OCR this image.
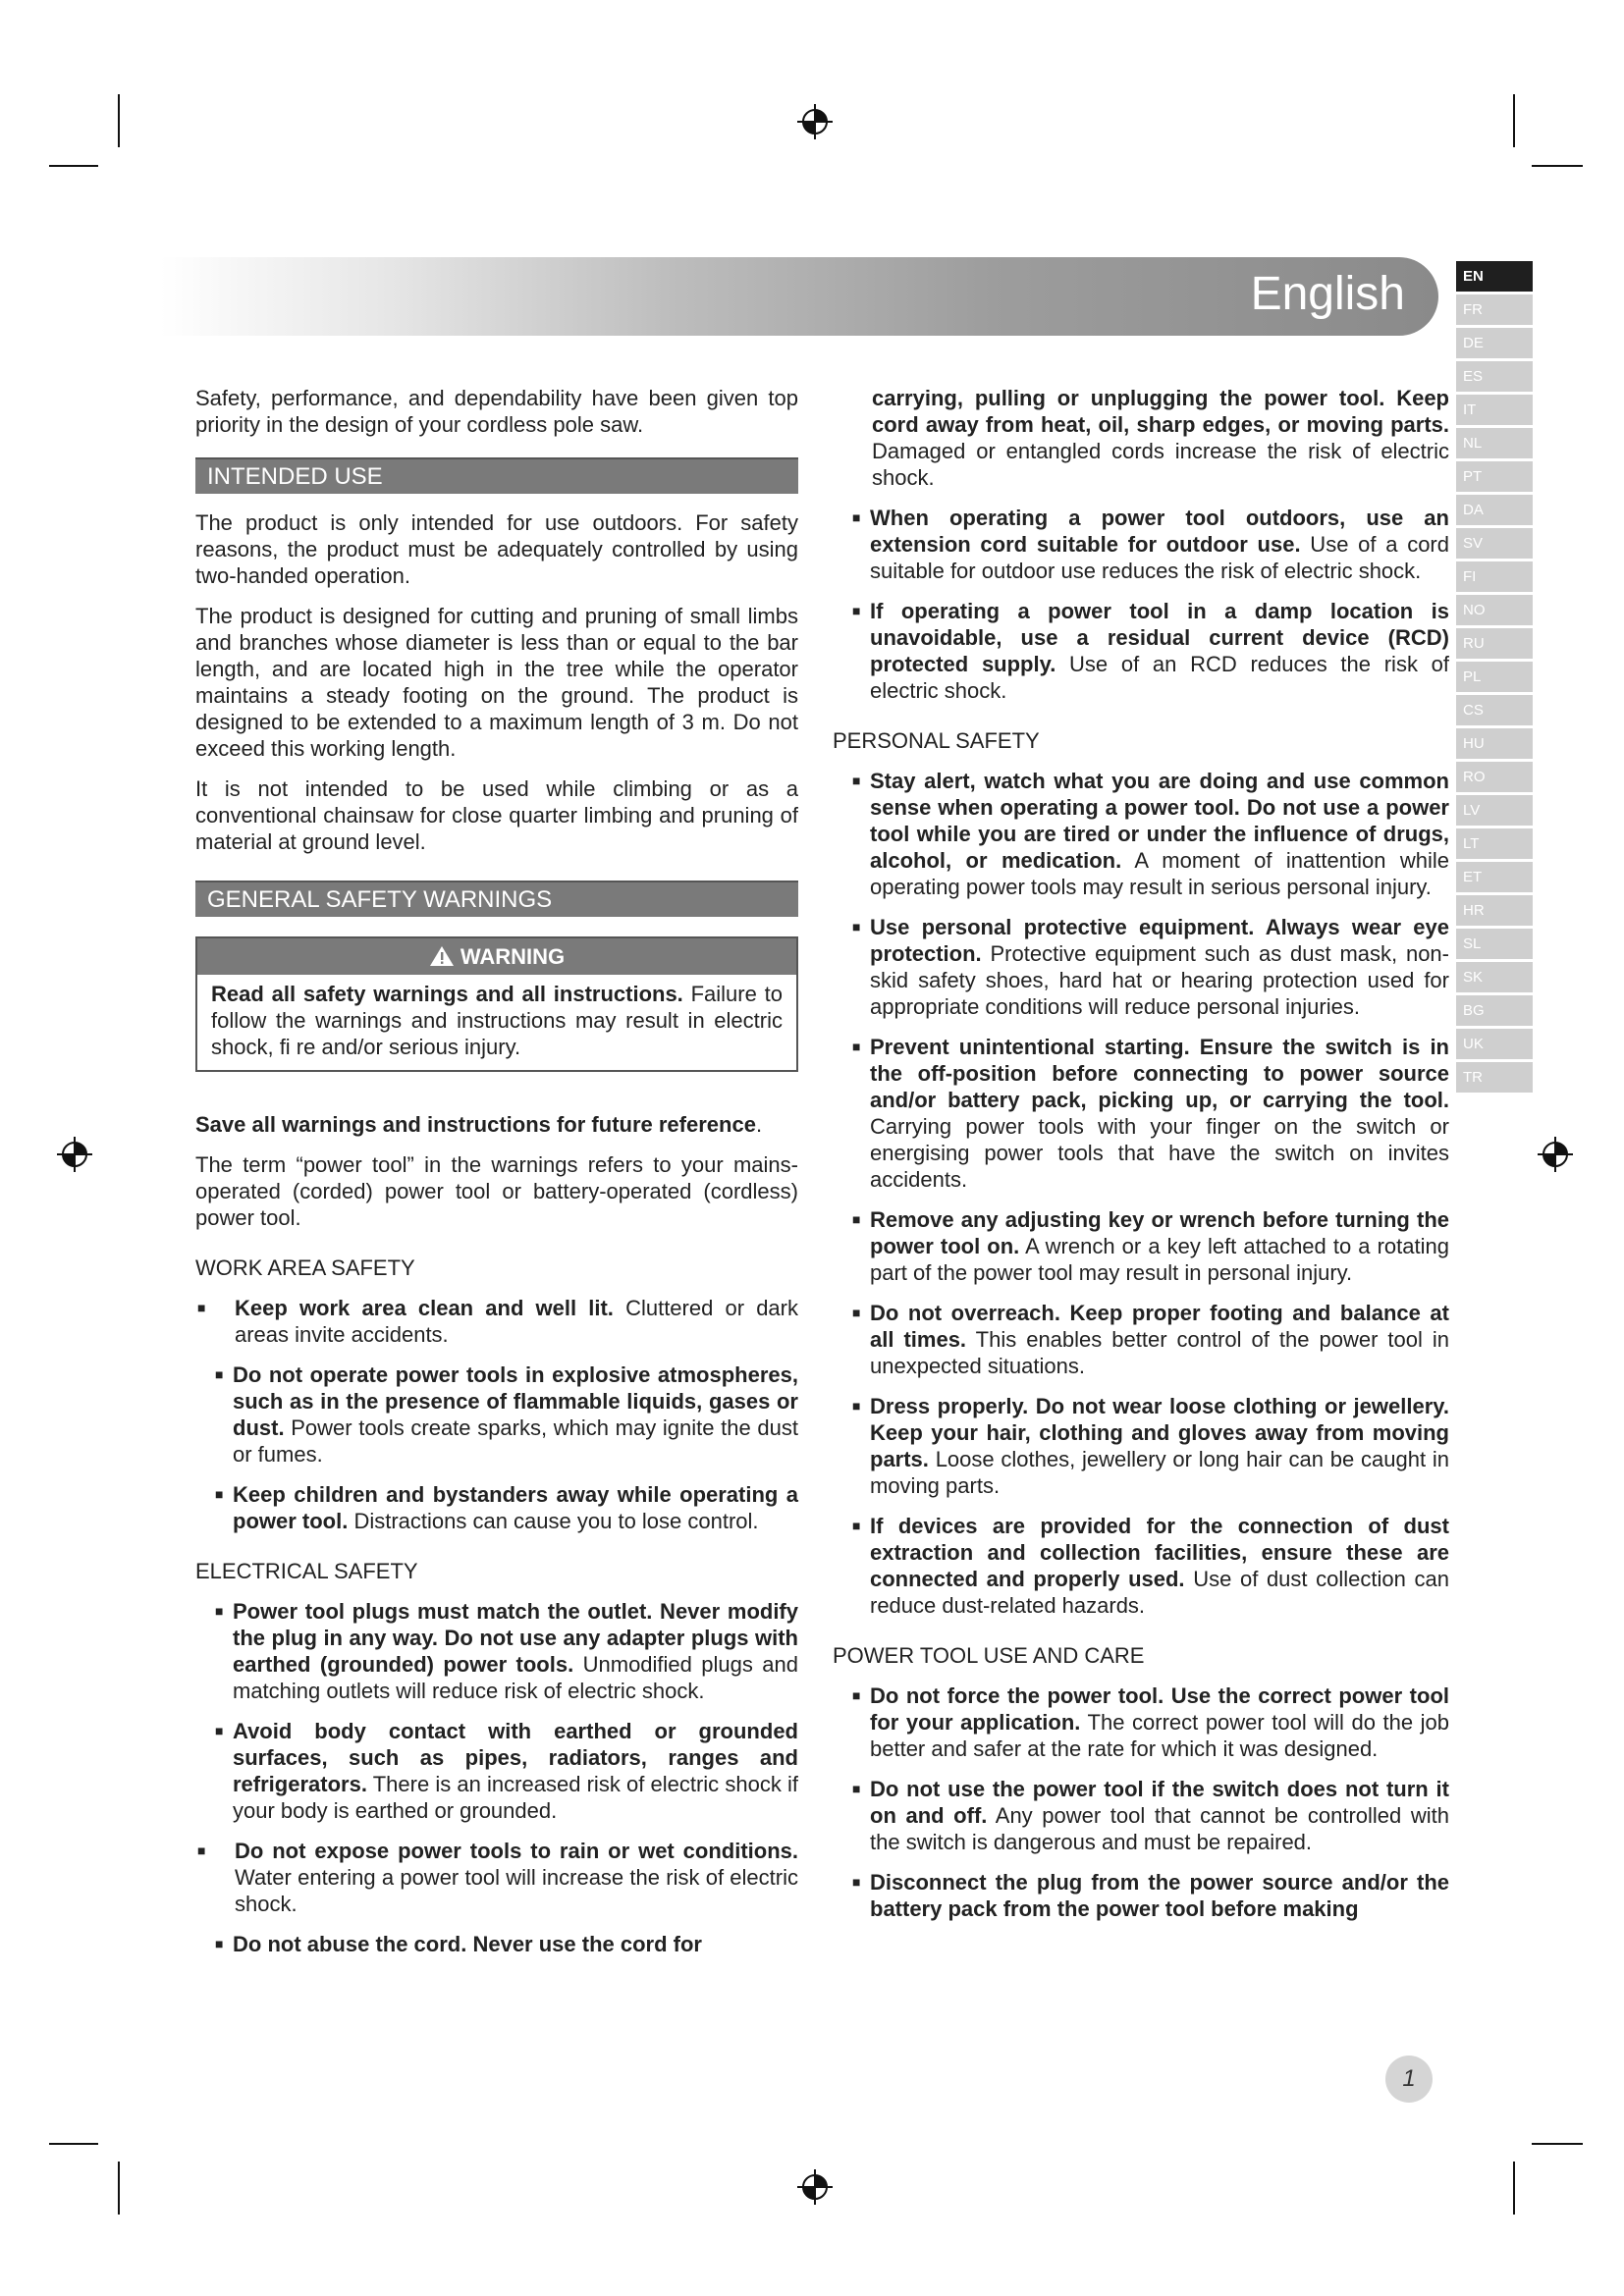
English	EN
FR
DE
ES
IT
NL
PT
DA
SV
FI
NO
RU
PL
CS
HU
RO
LV
LT
ET
HR
SL
SK
BG
UK
TR

Safety, performance, and dependability have been given top priority in the design of your cordless pole saw.

INTENDED USE

The product is only intended for use outdoors. For safety reasons, the product must be adequately controlled by using two-handed operation.

The product is designed for cutting and pruning of small limbs and branches whose diameter is less than or equal to the bar length, and are located high in the tree while the operator maintains a steady footing on the ground. The product is designed to be extended to a maximum length of 3 m. Do not exceed this working length.

It is not intended to be used while climbing or as a conventional chainsaw for close quarter limbing and pruning of material at ground level.

GENERAL SAFETY WARNINGS
WARNING
Read all safety warnings and all instructions. Failure to follow the warnings and instructions may result in electric shock, fi re and/or serious injury.

Save all warnings and instructions for future reference.

The term “power tool” in the warnings refers to your mains-operated (corded) power tool or battery-operated (cordless) power tool.

WORK AREA SAFETY
■ Keep work area clean and well lit. Cluttered or dark areas invite accidents.
■ Do not operate power tools in explosive atmospheres, such as in the presence of flammable liquids, gases or dust. Power tools create sparks, which may ignite the dust or fumes.
■ Keep children and bystanders away while operating a power tool. Distractions can cause you to lose control.
ELECTRICAL SAFETY
■ Power tool plugs must match the outlet. Never modify the plug in any way. Do not use any adapter plugs with earthed (grounded) power tools. Unmodified plugs and matching outlets will reduce risk of electric shock.
■ Avoid body contact with earthed or grounded surfaces, such as pipes, radiators, ranges and refrigerators. There is an increased risk of electric shock if your body is earthed or grounded.
■ Do not expose power tools to rain or wet conditions. Water entering a power tool will increase the risk of electric shock.
■ Do not abuse the cord. Never use the cord for
carrying, pulling or unplugging the power tool. Keep cord away from heat, oil, sharp edges, or moving parts. Damaged or entangled cords increase the risk of electric shock.
■ When operating a power tool outdoors, use an extension cord suitable for outdoor use. Use of a cord suitable for outdoor use reduces the risk of electric shock.
■ If operating a power tool in a damp location is unavoidable, use a residual current device (RCD) protected supply. Use of an RCD reduces the risk of electric shock.
PERSONAL SAFETY
■ Stay alert, watch what you are doing and use common sense when operating a power tool. Do not use a power tool while you are tired or under the influence of drugs, alcohol, or medication. A moment of inattention while operating power tools may result in serious personal injury.
■ Use personal protective equipment. Always wear eye protection. Protective equipment such as dust mask, non-skid safety shoes, hard hat or hearing protection used for appropriate conditions will reduce personal injuries.
■ Prevent unintentional starting. Ensure the switch is in the off-position before connecting to power source and/or battery pack, picking up, or carrying the tool. Carrying power tools with your finger on the switch or energising power tools that have the switch on invites accidents.
■ Remove any adjusting key or wrench before turning the power tool on. A wrench or a key left attached to a rotating part of the power tool may result in personal injury.
■ Do not overreach. Keep proper footing and balance at all times. This enables better control of the power tool in unexpected situations.
■ Dress properly. Do not wear loose clothing or jewellery. Keep your hair, clothing and gloves away from moving parts. Loose clothes, jewellery or long hair can be caught in moving parts.
■ If devices are provided for the connection of dust extraction and collection facilities, ensure these are connected and properly used. Use of dust collection can reduce dust-related hazards.
POWER TOOL USE AND CARE
■ Do not force the power tool. Use the correct power tool for your application. The correct power tool will do the job better and safer at the rate for which it was designed.
■ Do not use the power tool if the switch does not turn it on and off. Any power tool that cannot be controlled with the switch is dangerous and must be repaired.
■ Disconnect the plug from the power source and/or the battery pack from the power tool before making
1
